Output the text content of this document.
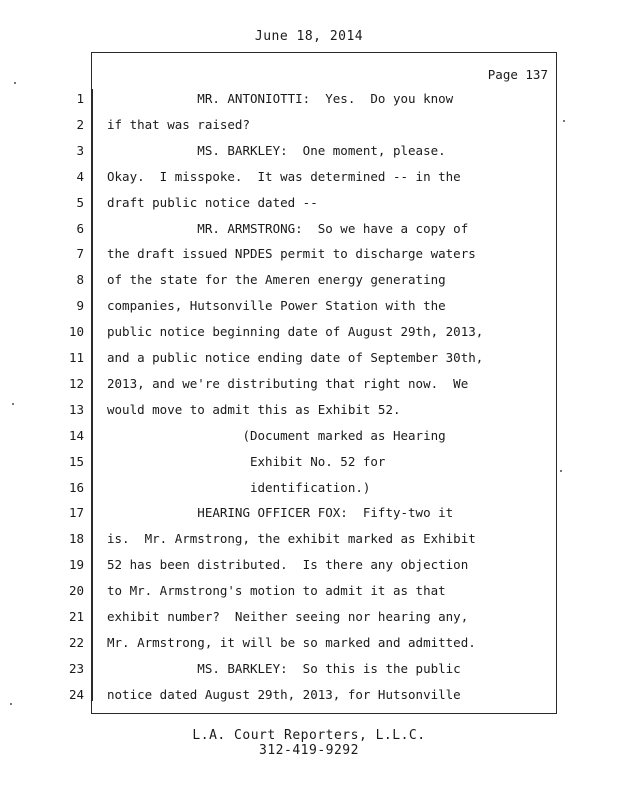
June 18, 2014
Page 137
1 MR. ANTONIOTTI:  Yes.  Do you know
2 if that was raised?
3 MS. BARKLEY:  One moment, please.
4 Okay.  I misspoke.  It was determined -- in the
5 draft public notice dated --
6 MR. ARMSTRONG:  So we have a copy of
7 the draft issued NPDES permit to discharge waters
8 of the state for the Ameren energy generating
9 companies, Hutsonville Power Station with the
10 public notice beginning date of August 29th, 2013,
11 and a public notice ending date of September 30th,
12 2013, and we're distributing that right now.  We
13 would move to admit this as Exhibit 52.
14 (Document marked as Hearing
15 Exhibit No. 52 for
16 identification.)
17 HEARING OFFICER FOX:  Fifty-two it
18 is.  Mr. Armstrong, the exhibit marked as Exhibit
19 52 has been distributed.  Is there any objection
20 to Mr. Armstrong's motion to admit it as that
21 exhibit number?  Neither seeing nor hearing any,
22 Mr. Armstrong, it will be so marked and admitted.
23 MS. BARKLEY:  So this is the public
24 notice dated August 29th, 2013, for Hutsonville
L.A. Court Reporters, L.L.C.
312-419-9292
